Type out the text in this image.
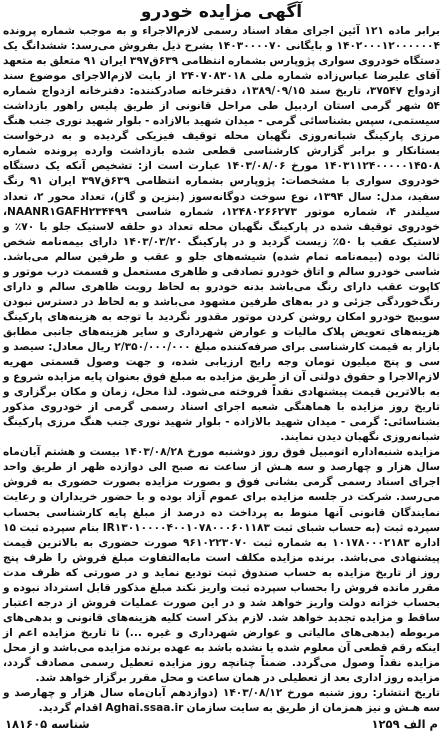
آگهی مزایده خودرو

برابر ماده ۱۲۱ آئین اجرای مفاد اسناد رسمی لازم‌الاجراء و به موجب شماره پرونده ۱۴۰۲۰۰۰۱۲۰۰۰۰۰۰۴ و بایگانی ۱۴۰۳۰۰۰۰۷۰ بشرح ذیل بفروش می‌رسد: ششدانگ یک دستگاه خودروی سواری پژوپارس بشماره انتظامی ۶۳۹ق۳۹۷ ایران ۹۱ متعلق به متعهد آقای علیرضا عباس‌زاده شماره ملی ۲۴۰۷۰۸۳۰۱۸ از بابت لازم‌الاجرای موضوع سند ازدواج ۳۷۵۴۷، تاریخ سند ۱۳۸۹/۰۹/۱۵، دفترخانه صادرکننده: دفترخانه ازدواج شماره ۵۴ شهر گرمی استان اردبیل طی مراحل قانونی از طریق پلیس راهور بازداشت سیستمی، سپس بشناسائی گرمی - میدان شهید بالازاده - بلوار شهید نوری جنب هنگ مرزی پارکینگ شبانه‌روزی نگهبان محله توقیف فیزیکی گردیده و به درخواست بستانکار و برابر گزارش کارشناسی قطعی شده بازداشت وارده پرونده شماره ۱۴۰۳۱۱۲۴۰۰۰۰۰۱۴۵۰۸ مورخ ۱۴۰۳/۰۸/۰۶ عبارت است از: تشخیص آنکه یک دستگاه خودروی سواری با مشخصات: پژوپارس بشماره انتظامی ۶۳۹ق۳۹۷ ایران ۹۱ رنگ سفید، مدل: سال ۱۳۹۴، نوع سوخت دوگانه‌سوز (بنزین و گاز)، تعداد محور ۲، تعداد سیلندر ۴، شماره موتور ۱۲۴۸۰۲۶۶۲۷۳، شماره شاسی NAANR۱GAFH۲۳۴۴۹۹، خودروی توقیف شده در پارکینگ نگهبان محله تعداد دو حلقه لاستیک جلو با ۷۰٪ و لاستیک عقب با ۵۰٪ زیست گردید و در پارکینگ ۱۴۰۳/۰۳/۲۰ دارای بیمه‌نامه شخص ثالث بوده (بیمه‌نامه تمام شده) شیشه‌های جلو و عقب و طرفین سالم می‌باشد. شاسی خودرو سالم و اتاق خودرو تصادفی و ظاهری مستعمل و قسمت درب موتور و کاپوت عقب دارای رنگ می‌باشد بدنه خودرو به لحاظ رویت ظاهری سالم و دارای رنگ‌خوردگی جزئی و در به‌های طرفین مشهود می‌باشد و به لحاظ در دسترس نبودن سوییچ خودرو امکان روشن کردن موتور مقدور نگردید با توجه به هزینه‌های پارکینگ هزینه‌های تعویض پلاک مالیات و عوارض شهرداری و سایر هزینه‌های جانبی مطابق بازار به قیمت کارشناسی برای صرفه‌کننده مبلغ ۲/۳۵۰/۰۰۰/۰۰۰ ریال معادل: سیصد و سی و پنج میلیون تومان وجه رایج ارزیابی شده، و جهت وصول قسمتی مهریه لازم‌الاجرا و حقوق دولتی آن از طریق مزایده به مبلغ فوق بعنوان پایه مزایده شروع و به بالاترین قیمت پیشنهادی نقداً فروخته می‌شود. لذا محل، زمان و مکان برگزاری و تاریخ روز مزایده با هماهنگی شعبه اجرای اسناد رسمی گرمی از خودروی مذکور بشناسائی: گرمی - میدان شهید بالازاده - بلوار شهید نوری جنب هنگ مرزی پارکینگ شبانه‌روزی نگهبان دیدن نمایند.

مزایده شنبه‌اداره اتومبیل فوق روز دوشنبه مورخ ۱۴۰۳/۰۸/۲۸ بیست و هشتم آبان‌ماه سال هزار و چهارصد و سه هـش از ساعت نه صبح الی دوازده ظهر از طریق واحد اجرای اسناد رسمی گرمی بشانی فوق و بصورت مزایده بصورت حضوری به فروش می‌رسد. شرکت در جلسه مزایده برای عموم آزاد بوده و با حضور خریداران و رعایت نمایندگان قانونی آنها منوط به پرداخت ده درصد از مبلغ پایه کارشناسی بحساب سپرده ثبت (به حساب شبای ثبت IR۱۳۰۱۰۰۰۰۴۰۰۱۰۷۸۰۰۰۶۰۱۱۸۳ بنام سپرده ثبت ۱۵ اداره ۱۰۱۷۸۰۰۰۲۱۸۳ به شماره ثبت ۹۶۱۰۲۲۳۰۷۰ صورت حضوری به بالاترین قیمت پیشنهادی می‌باشد. برنده مزایده مکلف است مابه‌التفاوت مبلغ فروش را ظرف پنج روز از تاریخ مزایده به حساب صندوق ثبت تودیع نماید و در صورتی که ظرف مدت مقرر مانده فروش را بحساب سپرده ثبت واریز نکند مبلغ مذکور قابل استرداد نبوده و بحساب خزانه دولت واریز خواهد شد و در این صورت عملیات فروش از درجه اعتبار ساقط و مزایده تجدید خواهد شد. لازم بذکر است کلیه هزینه‌های قانونی و بدهی‌های مربوطه (بدهی‌های مالیاتی و عوارض شهرداری و غیره ...) تا تاریخ مزایده اعم از اینکه رقم قطعی آن معلوم شده یا نشده باشد به عهده برنده مزایده می‌باشد و از محل مزایده نقداً وصول می‌گردد. ضمناً چنانچه روز مزایده تعطیل رسمی مصادف گردد، مزایده روز اداری بعد از تعطیلی در همان ساعت و محل مقرر برگزار خواهد شد.

تاریخ انتشار: روز شنبه مورخ ۱۴۰۳/۰۸/۱۲ (دوازدهم آبان‌ماه سال هزار و چهارصد و سه هـش و نیز همزمان از طریق به سایت سازمان Aghai.ssaa.ir اقدام گردید.

م الف ۱۲۵۹
شناسه ۱۸۱۶۰۵
